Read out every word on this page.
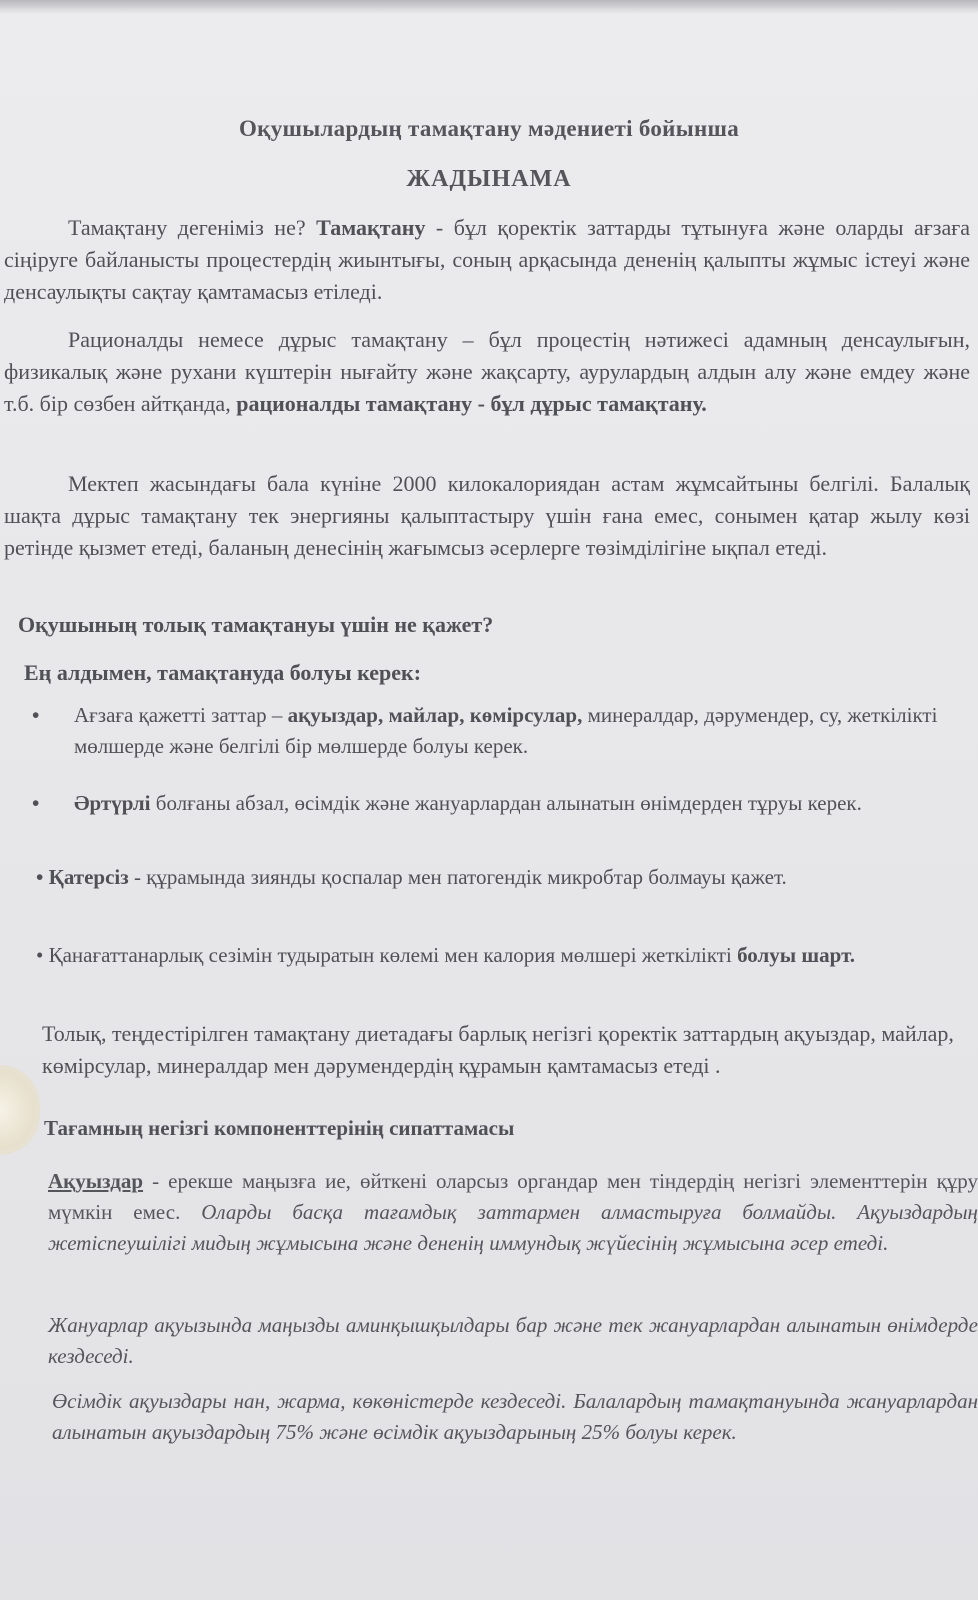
Оқушылардың тамақтану мәдениеті бойынша
ЖАДЫНАМА
Тамақтану дегеніміз не? Тамақтану - бұл қоректік заттарды тұтынуға және оларды ағзаға сіңіруге байланысты процестердің жиынтығы, соның арқасында дененің қалыпты жұмыс істеуі және денсаулықты сақтау қамтамасыз етіледі.
Рационалды немесе дұрыс тамақтану – бұл процестің нәтижесі адамның денсаулығын, физикалық және рухани күштерін нығайту және жақсарту, аурулардың алдын алу және емдеу және т.б. бір сөзбен айтқанда, рационалды тамақтану - бұл дұрыс тамақтану.
Мектеп жасындағы бала күніне 2000 килокалориядан астам жұмсайтыны белгілі. Балалық шақта дұрыс тамақтану тек энергияны қалыптастыру үшін ғана емес, сонымен қатар жылу көзі ретінде қызмет етеді, баланың денесінің жағымсыз әсерлерге төзімділігіне ықпал етеді.
Оқушының толық тамақтануы үшін не қажет?
Ең алдымен, тамақтануда болуы керек:
•	Ағзаға қажетті заттар – ақуыздар, майлар, көмірсулар, минералдар, дәрумендер, су, жеткілікті мөлшерде және белгілі бір мөлшерде болуы керек.
•	Әртүрлі болғаны абзал, өсімдік және жануарлардан алынатын өнімдерден тұруы керек.
• Қатерсіз - құрамында зиянды қоспалар мен патогендік микробтар болмауы қажет.
• Қанағаттанарлық сезімін тудыратын көлемі мен калория мөлшері жеткілікті болуы шарт.
Толық, теңдестірілген тамақтану диетадағы барлық негізгі қоректік заттардың ақуыздар, майлар, көмірсулар, минералдар мен дәрумендердің құрамын қамтамасыз етеді .
Тағамның негізгі компоненттерінің сипаттамасы
Ақуыздар - ерекше маңызға ие, өйткені оларсыз органдар мен тіндердің негізгі элементтерін құру мүмкін емес. Оларды басқа тағамдық заттармен алмастыруға болмайды. Ақуыздардың жетіспеушілігі мидың жұмысына және дененің иммундық жүйесінің жұмысына әсер етеді.
Жануарлар ақуызында маңызды аминқышқылдары бар және тек жануарлардан алынатын өнімдерде кездеседі.
Өсімдік ақуыздары нан, жарма, көкөністерде кездеседі. Балалардың тамақтануында жануарлардан алынатын ақуыздардың 75% және өсімдік ақуыздарының 25% болуы керек.
